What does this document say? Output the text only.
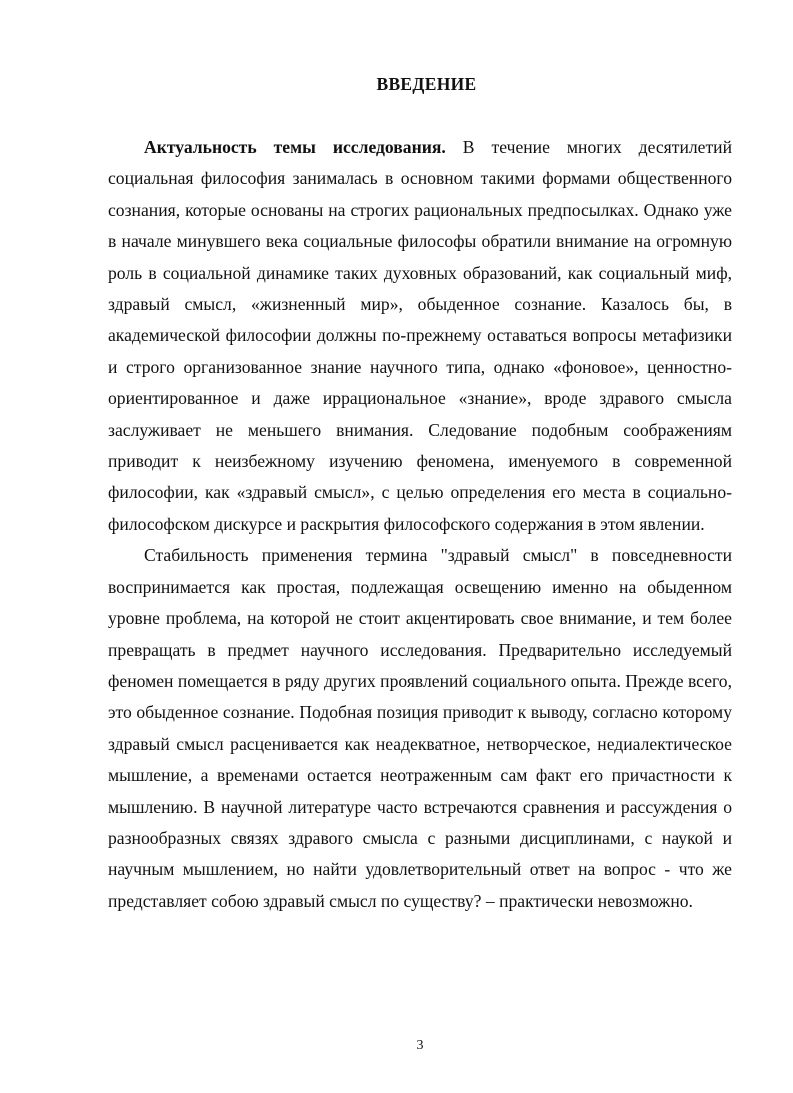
ВВЕДЕНИЕ

Актуальность темы исследования. В течение многих десятилетий социальная философия занималась в основном такими формами общественного сознания, которые основаны на строгих рациональных предпосылках. Однако уже в начале минувшего века социальные философы обратили внимание на огромную роль в социальной динамике таких духовных образований, как социальный миф, здравый смысл, «жизненный мир», обыденное сознание. Казалось бы, в академической философии должны по-прежнему оставаться вопросы метафизики и строго организованное знание научного типа, однако «фоновое», ценностно-ориентированное и даже иррациональное «знание», вроде здравого смысла заслуживает не меньшего внимания. Следование подобным соображениям приводит к неизбежному изучению феномена, именуемого в современной философии, как «здравый смысл», с целью определения его места в социально-философском дискурсе и раскрытия философского содержания в этом явлении.

Стабильность применения термина "здравый смысл" в повседневности воспринимается как простая, подлежащая освещению именно на обыденном уровне проблема, на которой не стоит акцентировать свое внимание, и тем более превращать в предмет научного исследования. Предварительно исследуемый феномен помещается в ряду других проявлений социального опыта. Прежде всего, это обыденное сознание. Подобная позиция приводит к выводу, согласно которому здравый смысл расценивается как неадекватное, нетворческое, недиалектическое мышление, а временами остается неотраженным сам факт его причастности к мышлению. В научной литературе часто встречаются сравнения и рассуждения о разнообразных связях здравого смысла с разными дисциплинами, с наукой и научным мышлением, но найти удовлетворительный ответ на вопрос - что же представляет собою здравый смысл по существу? – практически невозможно.

3
